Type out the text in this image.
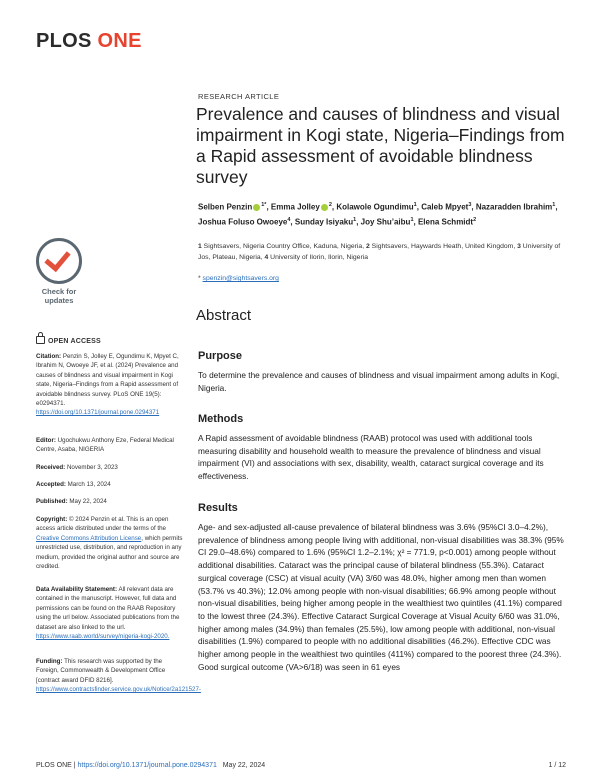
PLOS ONE
RESEARCH ARTICLE
Prevalence and causes of blindness and visual impairment in Kogi state, Nigeria–Findings from a Rapid assessment of avoidable blindness survey
Selben Penzin $^{1*}$, Emma Jolley $^2$, Kolawole Ogundimu$^1$, Caleb Mpyet$^3$, Nazaradden Ibrahim$^1$, Joshua Foluso Owoeye$^4$, Sunday Isiyaku$^1$, Joy Shu’aibu$^1$, Elena Schmidt$^2$
1 Sightsavers, Nigeria Country Office, Kaduna, Nigeria, 2 Sightsavers, Haywards Heath, United Kingdom, 3 University of Jos, Plateau, Nigeria, 4 University of Ilorin, Ilorin, Nigeria
* spenzin@sightsavers.org
Check for
updates
OPEN ACCESS
Citation: Penzin S, Jolley E, Ogundimu K, Mpyet C, Ibrahim N, Owoeye JF, et al. (2024) Prevalence and causes of blindness and visual impairment in Kogi state, Nigeria–Findings from a Rapid assessment of avoidable blindness survey. PLoS ONE 19(5): e0294371. https://doi.org/10.1371/journal.pone.0294371
Editor: Ugochukwu Anthony Eze, Federal Medical Centre, Asaba, NIGERIA
Received: November 3, 2023
Accepted: March 13, 2024
Published: May 22, 2024
Copyright: © 2024 Penzin et al. This is an open access article distributed under the terms of the Creative Commons Attribution License, which permits unrestricted use, distribution, and reproduction in any medium, provided the original author and source are credited.
Data Availability Statement: All relevant data are contained in the manuscript. However, full data and permissions can be found on the RAAB Repository using the url below. Associated publications from the dataset are also linked to the url. https://www.raab.world/survey/nigeria-kogi-2020.
Funding: This research was supported by the Foreign, Commonwealth & Development Office [contract award DFID 8216]. https://www.contractsfinder.service.gov.uk/Notice/2a121527-
Abstract
Purpose

To determine the prevalence and causes of blindness and visual impairment among adults in Kogi, Nigeria.

Methods

A Rapid assessment of avoidable blindness (RAAB) protocol was used with additional tools measuring disability and household wealth to measure the prevalence of blindness and visual impairment (VI) and associations with sex, disability, wealth, cataract surgical coverage and its effectiveness.

Results

Age- and sex-adjusted all-cause prevalence of bilateral blindness was 3.6% (95%CI 3.0–4.2%), prevalence of blindness among people living with additional, non-visual disabilities was 38.3% (95% CI 29.0–48.6%) compared to 1.6% (95%CI 1.2–2.1%; χ² = 771.9, p<0.001) among people without additional disabilities. Cataract was the principal cause of bilateral blindness (55.3%). Cataract surgical coverage (CSC) at visual acuity (VA) 3/60 was 48.0%, higher among men than women (53.7% vs 40.3%); 12.0% among people with non-visual disabilities; 66.9% among people without non-visual disabilities, being higher among people in the wealthiest two quintiles (41.1%) compared to the lowest three (24.3%). Effective Cataract Surgical Coverage at Visual Acuity 6/60 was 31.0%, higher among males (34.9%) than females (25.5%), low among people with additional, non-visual disabilities (1.9%) compared to people with no additional disabilities (46.2%). Effective CDC was higher among people in the wealthiest two quintiles (411%) compared to the poorest three (24.3%). Good surgical outcome (VA>6/18) was seen in 61 eyes

PLOS ONE | https://doi.org/10.1371/journal.pone.0294371 May 22, 2024	1 / 12
